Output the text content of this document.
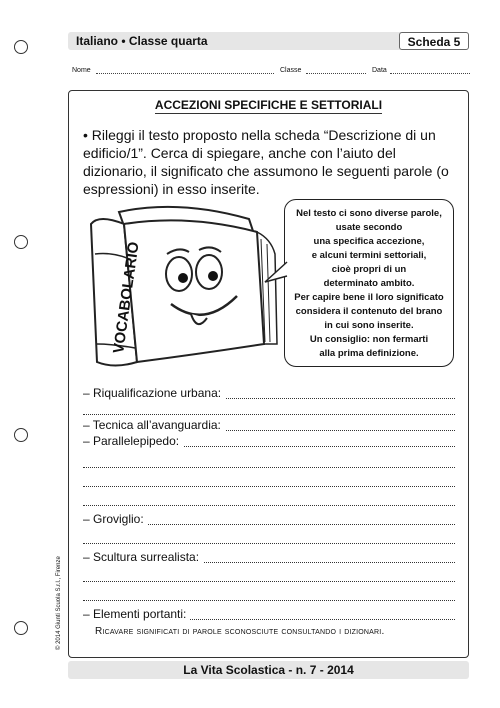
Italiano • Classe quarta	Scheda 5
Nome	Classe	Data
ACCEZIONI SPECIFICHE E SETTORIALI
• Rileggi il testo proposto nella scheda “Descrizione di un edificio/1”. Cerca di spiegare, anche con l’aiuto del dizionario, il significato che assumono le seguenti parole (o espressioni) in esso inserite.
VOCABOLARIO
Nel testo ci sono diverse parole,
usate secondo
una specifica accezione,
e alcuni termini settoriali,
cioè propri di un
determinato ambito.
Per capire bene il loro significato
considera il contenuto del brano
in cui sono inserite.
Un consiglio: non fermarti
alla prima definizione.
– Riqualificazione urbana:
– Tecnica all’avanguardia:
– Parallelepipedo:
– Groviglio:
– Scultura surrealista:
– Elementi portanti:
Ricavare significati di parole sconosciute consultando i dizionari.
© 2014 Giunti Scuola S.r.l., Firenze
La Vita Scolastica - n. 7 - 2014
